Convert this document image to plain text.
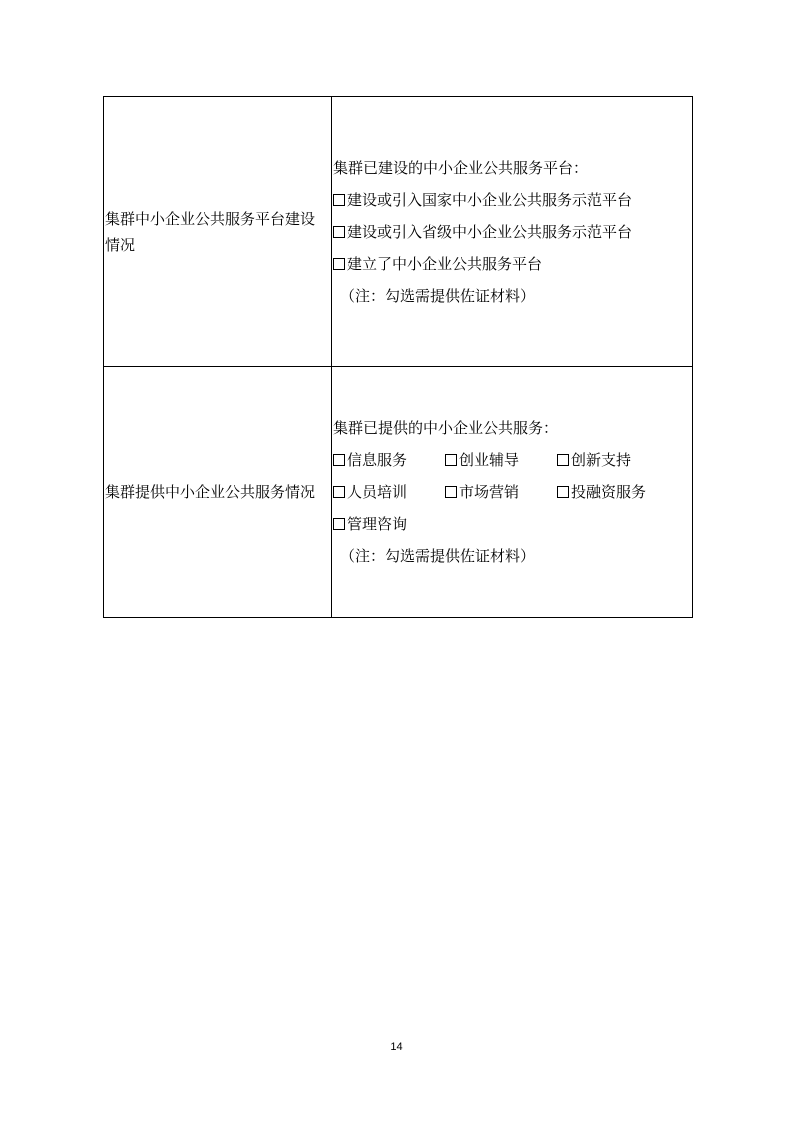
集群中小企业公共服务平台建设情况	集群已建设的中小企业公共服务平台：
建设或引入国家中小企业公共服务示范平台
建设或引入省级中小企业公共服务示范平台
建立了中小企业公共服务平台
（注：勾选需提供佐证材料）

集群提供中小企业公共服务情况	集群已提供的中小企业公共服务：
信息服务 创业辅导 创新支持
人员培训 市场营销 投融资服务
管理咨询
（注：勾选需提供佐证材料）
14
